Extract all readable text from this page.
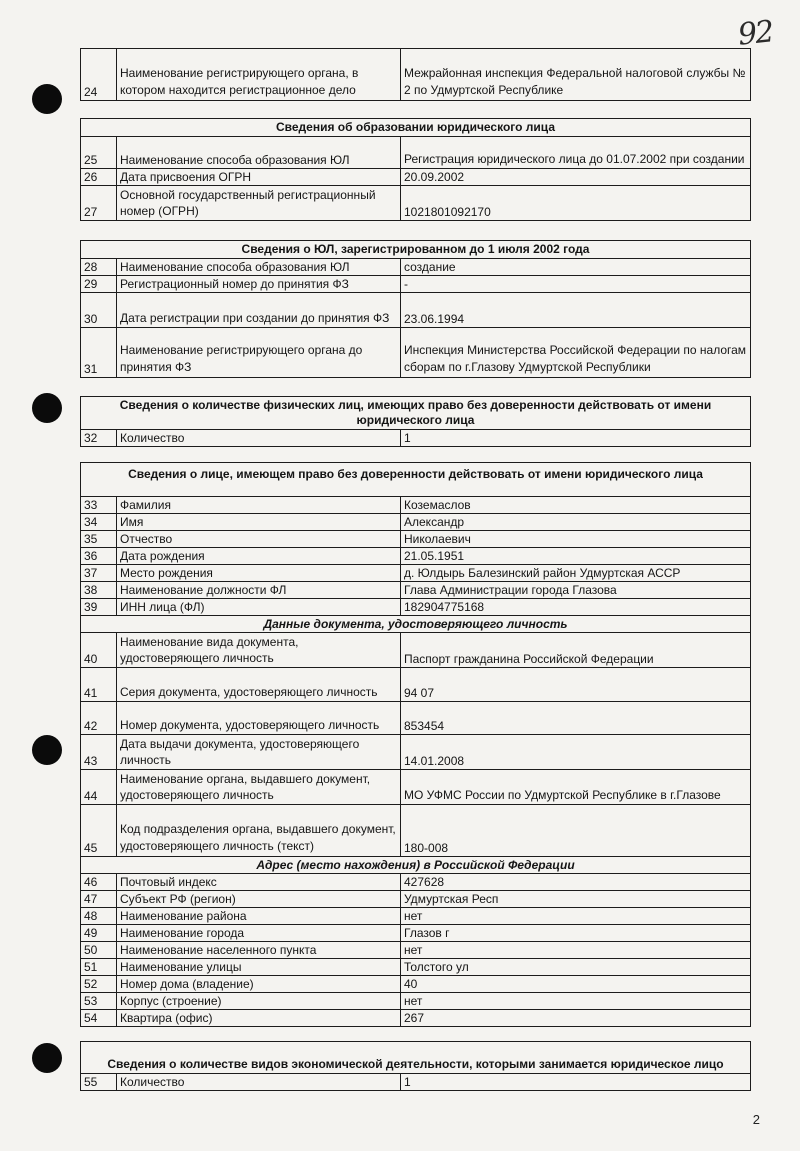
92
24	Наименование регистрирующего органа, в котором находится регистрационное дело	Межрайонная инспекция Федеральной налоговой службы № 2 по Удмуртской Республике
Сведения об образовании юридического лица		
25	Наименование способа образования ЮЛ	Регистрация юридического лица до 01.07.2002 при создании
26	Дата присвоения ОГРН	20.09.2002
27	Основной государственный регистрационный номер (ОГРН)	1021801092170
Сведения о ЮЛ, зарегистрированном до 1 июля 2002 года		
28	Наименование способа образования ЮЛ	создание
29	Регистрационный номер до принятия ФЗ	-
30	Дата регистрации при создании до принятия ФЗ	23.06.1994
31	Наименование регистрирующего органа до принятия ФЗ	Инспекция Министерства Российской Федерации по налогам сборам по г.Глазову Удмуртской Республики
Сведения о количестве физических лиц, имеющих право без доверенности действовать от имени юридического лица
32	Количество	1
Сведения о лице, имеющем право без доверенности действовать от имени юридического лица		
33	Фамилия	Коземаслов
34	Имя	Александр
35	Отчество	Николаевич
36	Дата рождения	21.05.1951
37	Место рождения	д. Юлдырь Балезинский район Удмуртская АССР
38	Наименование должности ФЛ	Глава Администрации города Глазова
39	ИНН лица (ФЛ)	182904775168
Данные документа, удостоверяющего личность		
40	Наименование вида документа, удостоверяющего личность	Паспорт гражданина Российской Федерации
41	Серия документа, удостоверяющего личность	94 07
42	Номер документа, удостоверяющего личность	853454
43	Дата выдачи документа, удостоверяющего личность	14.01.2008
44	Наименование органа, выдавшего документ, удостоверяющего личность	МО УФМС России по Удмуртской Республике в г.Глазове
45	Код подразделения органа, выдавшего документ, удостоверяющего личность (текст)	180-008
Адрес (место нахождения) в Российской Федерации		
46	Почтовый индекс	427628
47	Субъект РФ (регион)	Удмуртская Респ
48	Наименование района	нет
49	Наименование города	Глазов г
50	Наименование населенного пункта	нет
51	Наименование улицы	Толстого ул
52	Номер дома (владение)	40
53	Корпус (строение)	нет
54	Квартира (офис)	267
Сведения о количестве видов экономической деятельности, которыми занимается юридическое лицо
55	Количество	1
2
